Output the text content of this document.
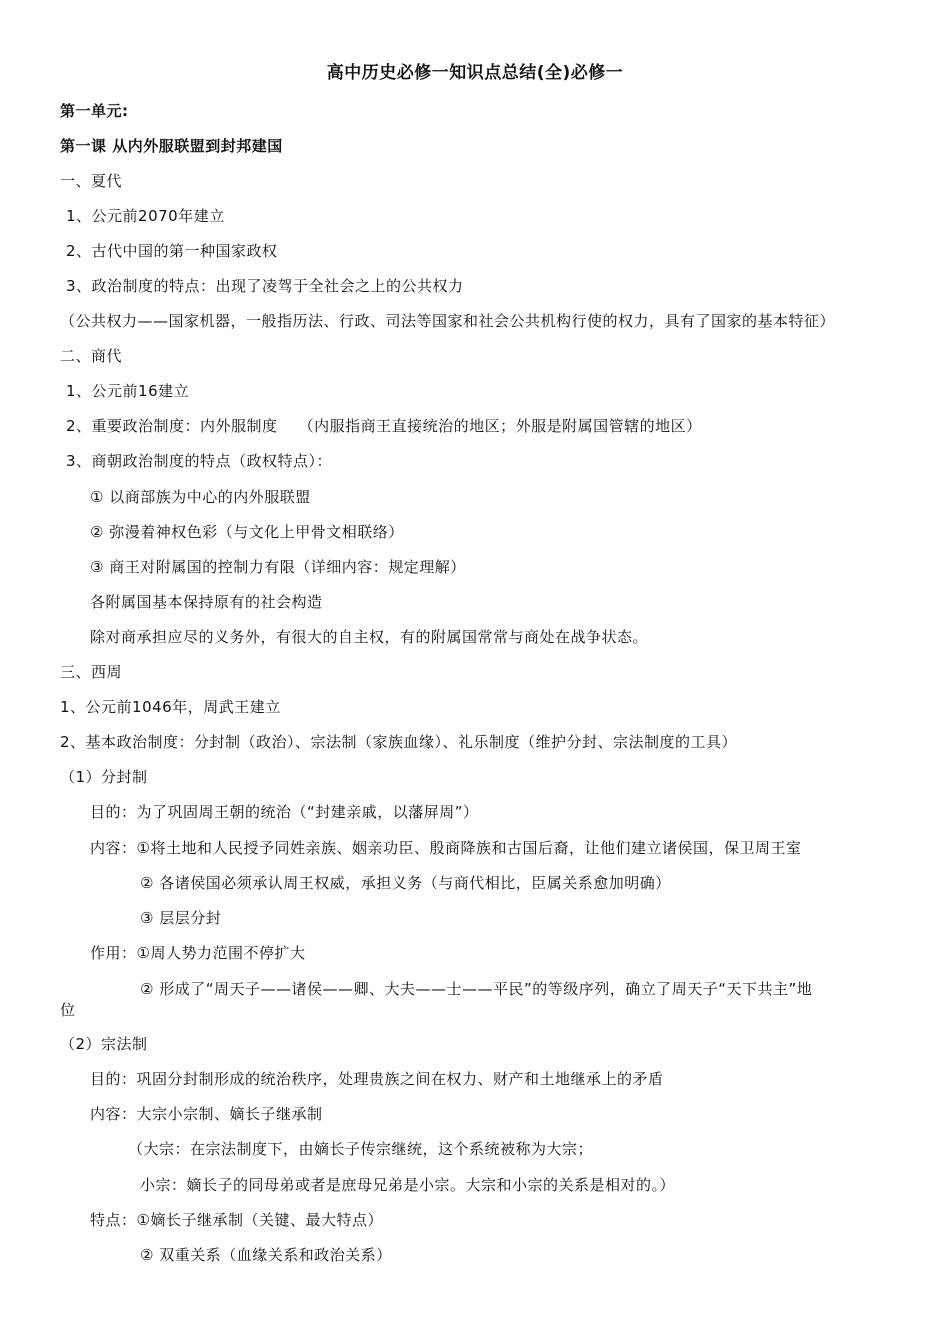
高中历史必修一知识点总结(全)必修一
第一单元:
第一课 从内外服联盟到封邦建国
一、夏代
1、公元前2070年建立
2、古代中国的第一种国家政权
3、政治制度的特点：出现了凌驾于全社会之上的公共权力
（公共权力——国家机器，一般指历法、行政、司法等国家和社会公共机构行使的权力，具有了国家的基本特征）
二、商代
1、公元前16建立
2、重要政治制度：内外服制度    （内服指商王直接统治的地区；外服是附属国管辖的地区）
3、商朝政治制度的特点（政权特点）：
① 以商部族为中心的内外服联盟
② 弥漫着神权色彩（与文化上甲骨文相联络）
③ 商王对附属国的控制力有限（详细内容：规定理解）
各附属国基本保持原有的社会构造
除对商承担应尽的义务外，有很大的自主权，有的附属国常常与商处在战争状态。
三、西周
1、公元前1046年，周武王建立
2、基本政治制度：分封制（政治）、宗法制（家族血缘）、礼乐制度（维护分封、宗法制度的工具）
（1）分封制
目的：为了巩固周王朝的统治（“封建亲戚，以藩屏周”）
内容：①将土地和人民授予同姓亲族、姻亲功臣、殷商降族和古国后裔，让他们建立诸侯国，保卫周王室
② 各诸侯国必须承认周王权威，承担义务（与商代相比，臣属关系愈加明确）
③ 层层分封
作用：①周人势力范围不停扩大
② 形成了“周天子——诸侯——卿、大夫——士——平民”的等级序列，确立了周天子“天下共主”地
位
（2）宗法制
目的：巩固分封制形成的统治秩序，处理贵族之间在权力、财产和土地继承上的矛盾
内容：大宗小宗制、嫡长子继承制
（大宗：在宗法制度下，由嫡长子传宗继统，这个系统被称为大宗；
小宗：嫡长子的同母弟或者是庶母兄弟是小宗。大宗和小宗的关系是相对的。）
特点：①嫡长子继承制（关键、最大特点）
② 双重关系（血缘关系和政治关系）
